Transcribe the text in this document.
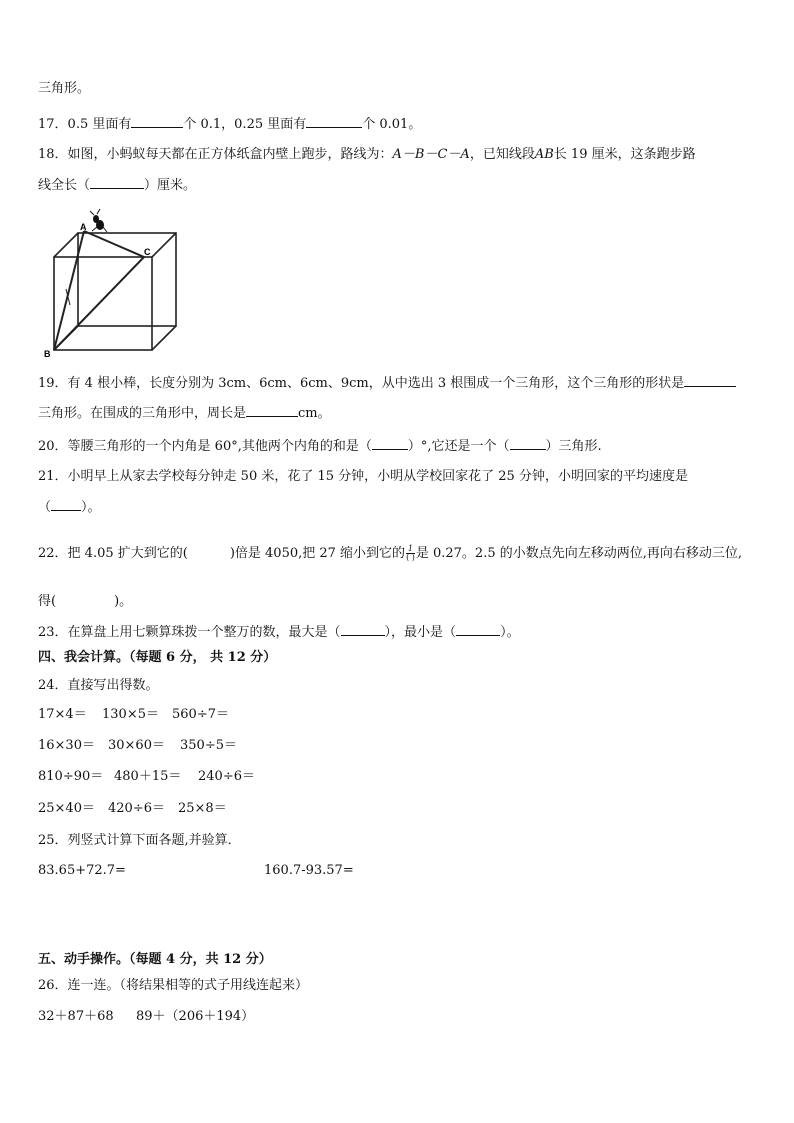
三角形。
17．0.5 里面有	个 0.1，0.25 里面有	个 0.01。
18．如图，小蚂蚁每天都在正方体纸盒内壁上跑步，路线为：A－B－C－A，已知线段AB长 19 厘米，这条跑步路
线全长（	）厘米。
A
C
B
19．有 4 根小棒，长度分别为 3cm、6cm、6cm、9cm，从中选出 3 根围成一个三角形，这个三角形的形状是
三角形。在围成的三角形中，周长是	cm。
20．等腰三角形的一个内角是 60°,其他两个内角的和是（	）°,它还是一个（	）三角形.
21．小明早上从家去学校每分钟走 50 米，花了 15 分钟，小明从学校回家花了 25 分钟，小明回家的平均速度是
（ ）。
22．把 4.05 扩大到它的(	)倍是 4050,把 27 缩小到它的 $\frac{1}{( )}$ 是 0.27。2.5 的小数点先向左移动两位,再向右移动三位,
得(	)。
23．在算盘上用七颗算珠拨一个整万的数，最大是（	），最小是（	）。
四、我会计算。（每题 6 分， 共 12 分）
24．直接写出得数。
17×4＝ 130×5＝ 560÷7＝
16×30＝ 30×60＝ 350÷5＝
810÷90＝ 480＋15＝ 240÷6＝
25×40＝ 420÷6＝ 25×8＝
25．列竖式计算下面各题,并验算．
83.65+72.7=	160.7-93.57=
五、动手操作。（每题 4 分，共 12 分）
26．连一连。（将结果相等的式子用线连起来）
32＋87＋68 89＋（206＋194）
